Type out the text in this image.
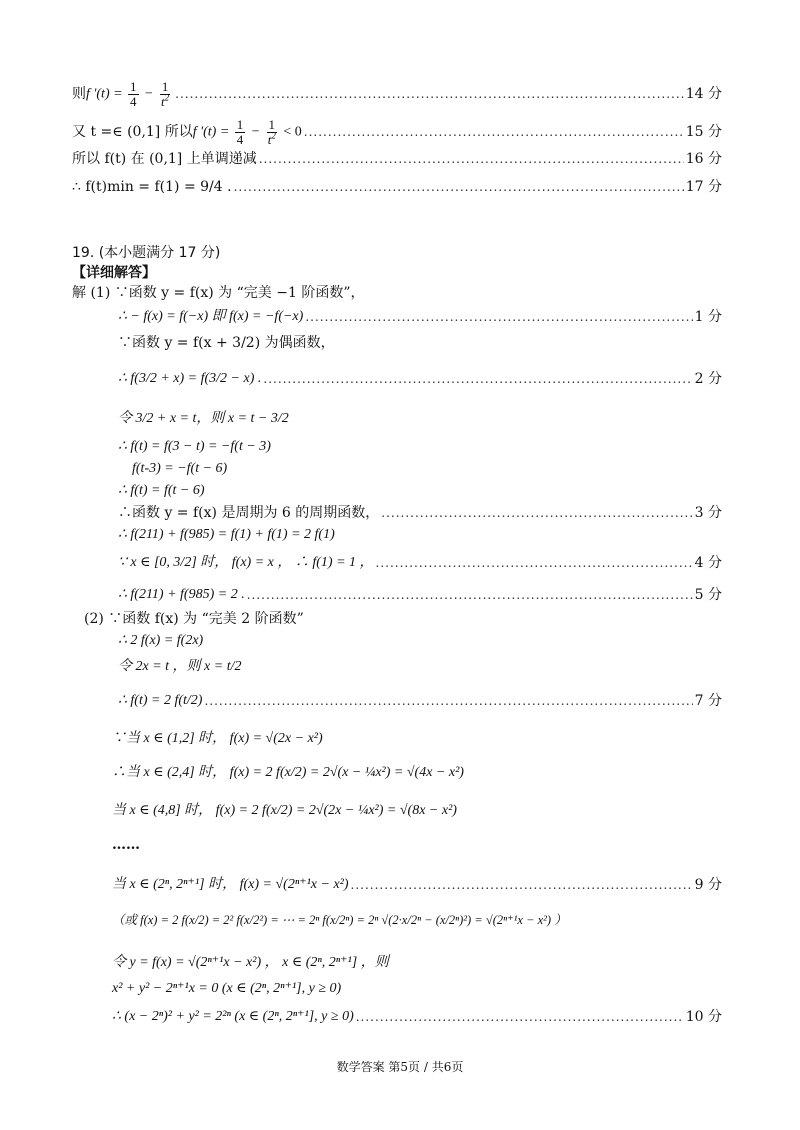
则 f '$(t) = \frac{1}{4} - \frac{1}{t^2}$ .....	14 分
又 t =∈ (0,1] 所以 f '$(t) = \frac{1}{4} - \frac{1}{t^2} < 0$ .....	15 分
所以 f(t) 在 (0,1] 上单调递减 .....	16 分
∴ f(t)min = f(1) = 9/4 . .....	17 分
19. (本小题满分 17 分)
【详细解答】
解 (1) ∵函数 y = f(x) 为 “完美 −1 阶函数”，
∴ − f(x) = f(−x) 即 f(x) = −f(−x) .....	1 分
∵函数 y = f(x + 3/2) 为偶函数，
∴ f(3/2 + x) = f(3/2 − x) . .....	2 分
令 3/2 + x = t，则 x = t − 3/2
∴ f(t) = f(3 − t) = −f(t − 3)
f(t-3) = −f(t − 6)
∴ f(t) = f(t − 6)
∴函数 y = f(x) 是周期为 6 的周期函数， .....	3 分
∴ f(211) + f(985) = f(1) + f(1) = 2 f(1)
∵ x ∈ [0, 3/2] 时， f(x) = x ， ∴ f(1) = 1 ， .....	4 分
∴ f(211) + f(985) = 2 . .....	5 分
(2) ∵函数 f(x) 为 “完美 2 阶函数”
∴ 2 f(x) = f(2x)
令 2x = t ，则 x = t/2
∴ f(t) = 2 f(t/2) .....	7 分
∵当 x ∈ (1,2] 时， f(x) = √(2x − x²)
∴当 x ∈ (2,4] 时， f(x) = 2 f(x/2) = 2√(x − ¼x²) = √(4x − x²)
当 x ∈ (4,8] 时， f(x) = 2 f(x/2) = 2√(2x − ¼x²) = √(8x − x²)
……
当 x ∈ (2ⁿ, 2ⁿ⁺¹] 时， f(x) = √(2ⁿ⁺¹x − x²) .....	9 分
（或 f(x) = 2 f(x/2) = 2² f(x/2²) = ⋯ = 2ⁿ f(x/2ⁿ) = 2ⁿ √(2·x/2ⁿ − (x/2ⁿ)²) = √(2ⁿ⁺¹x − x²) ）
令 y = f(x) = √(2ⁿ⁺¹x − x²) ， x ∈ (2ⁿ, 2ⁿ⁺¹] ，则
x² + y² − 2ⁿ⁺¹x = 0 (x ∈ (2ⁿ, 2ⁿ⁺¹], y ≥ 0)
∴ (x − 2ⁿ)² + y² = 2²ⁿ (x ∈ (2ⁿ, 2ⁿ⁺¹], y ≥ 0) .....	10 分
数学答案 第5页 / 共6页
